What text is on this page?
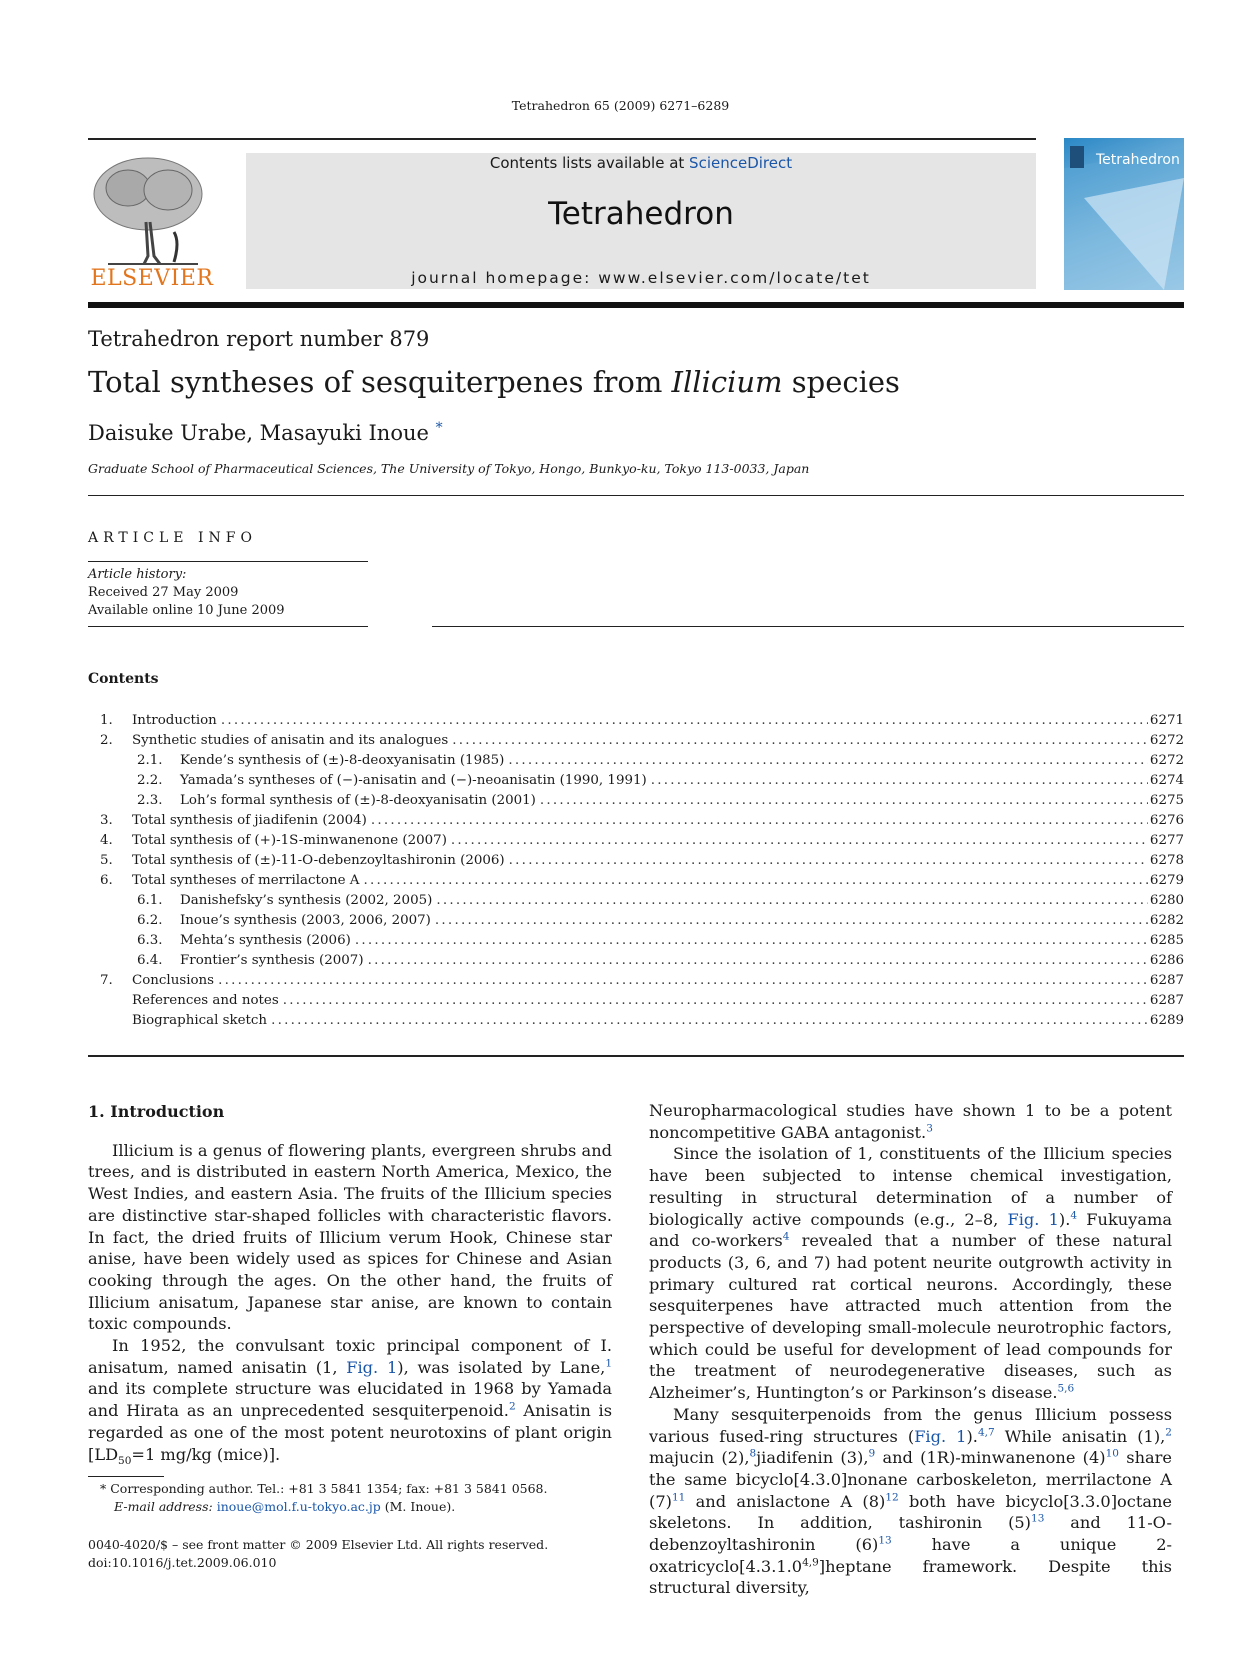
Tetrahedron 65 (2009) 6271–6289
ELSEVIER
Contents lists available at ScienceDirect
Tetrahedron
journal homepage: www.elsevier.com/locate/tet
Tetrahedron
Tetrahedron report number 879
Total syntheses of sesquiterpenes from Illicium species
Daisuke Urabe, Masayuki Inoue *
Graduate School of Pharmaceutical Sciences, The University of Tokyo, Hongo, Bunkyo-ku, Tokyo 113-0033, Japan
ARTICLE INFO
Article history:
Received 27 May 2009
Available online 10 June 2009
Contents
1.	Introduction . . .	6271
2.	Synthetic studies of anisatin and its analogues . . .	6272
2.1.	Kende’s synthesis of (±)-8-deoxyanisatin (1985) . . .	6272
2.2.	Yamada’s syntheses of (−)-anisatin and (−)-neoanisatin (1990, 1991) . . .	6274
2.3.	Loh’s formal synthesis of (±)-8-deoxyanisatin (2001) . . .	6275
3.	Total synthesis of jiadifenin (2004) . . .	6276
4.	Total synthesis of (+)-1S-minwanenone (2007) . . .	6277
5.	Total synthesis of (±)-11-O-debenzoyltashironin (2006) . . .	6278
6.	Total syntheses of merrilactone A . . .	6279
6.1.	Danishefsky’s synthesis (2002, 2005) . . .	6280
6.2.	Inoue’s synthesis (2003, 2006, 2007) . . .	6282
6.3.	Mehta’s synthesis (2006) . . .	6285
6.4.	Frontier’s synthesis (2007) . . .	6286
7.	Conclusions . . .	6287
References and notes . . .	6287
Biographical sketch . . .	6289
1. Introduction

Illicium is a genus of flowering plants, evergreen shrubs and trees, and is distributed in eastern North America, Mexico, the West Indies, and eastern Asia. The fruits of the Illicium species are distinctive star-shaped follicles with characteristic flavors. In fact, the dried fruits of Illicium verum Hook, Chinese star anise, have been widely used as spices for Chinese and Asian cooking through the ages. On the other hand, the fruits of Illicium anisatum, Japanese star anise, are known to contain toxic compounds.

In 1952, the convulsant toxic principal component of I. anisatum, named anisatin (1, Fig. 1), was isolated by Lane,$^1$ and its complete structure was elucidated in 1968 by Yamada and Hirata as an unprecedented sesquiterpenoid.$^2$ Anisatin is regarded as one of the most potent neurotoxins of plant origin [$LD_{50}=1$ mg/kg (mice)].

Neuropharmacological studies have shown 1 to be a potent noncompetitive GABA antagonist.$^3$

Since the isolation of 1, constituents of the Illicium species have been subjected to intense chemical investigation, resulting in structural determination of a number of biologically active compounds (e.g., 2–8, Fig. 1).$^4$ Fukuyama and co-workers$^4$ revealed that a number of these natural products (3, 6, and 7) had potent neurite outgrowth activity in primary cultured rat cortical neurons. Accordingly, these sesquiterpenes have attracted much attention from the perspective of developing small-molecule neurotrophic factors, which could be useful for development of lead compounds for the treatment of neurodegenerative diseases, such as Alzheimer’s, Huntington’s or Parkinson’s disease.$^{5,6}$

Many sesquiterpenoids from the genus Illicium possess various fused-ring structures (Fig. 1).$^{4,7}$ While anisatin (1),$^2$ majucin (2),$^8$jiadifenin (3),$^9$ and (1R)-minwanenone $(4)^{10}$ share the same bicyclo[4.3.0]nonane carboskeleton, merrilactone A $(7)^{11}$ and anislactone A $(8)^{12}$ both have bicyclo[3.3.0]octane skeletons. In addition, tashironin $(5)^{13}$ and 11-O-debenzoyltashironin $(6)^{13}$ have a unique 2-oxatricyclo[4.3.1.0$^{4,9}$]heptane framework. Despite this structural diversity,

* Corresponding author. Tel.: +81 3 5841 1354; fax: +81 3 5841 0568.
E-mail address: inoue@mol.f.u-tokyo.ac.jp (M. Inoue).
0040-4020/$ – see front matter © 2009 Elsevier Ltd. All rights reserved.
doi:10.1016/j.tet.2009.06.010
